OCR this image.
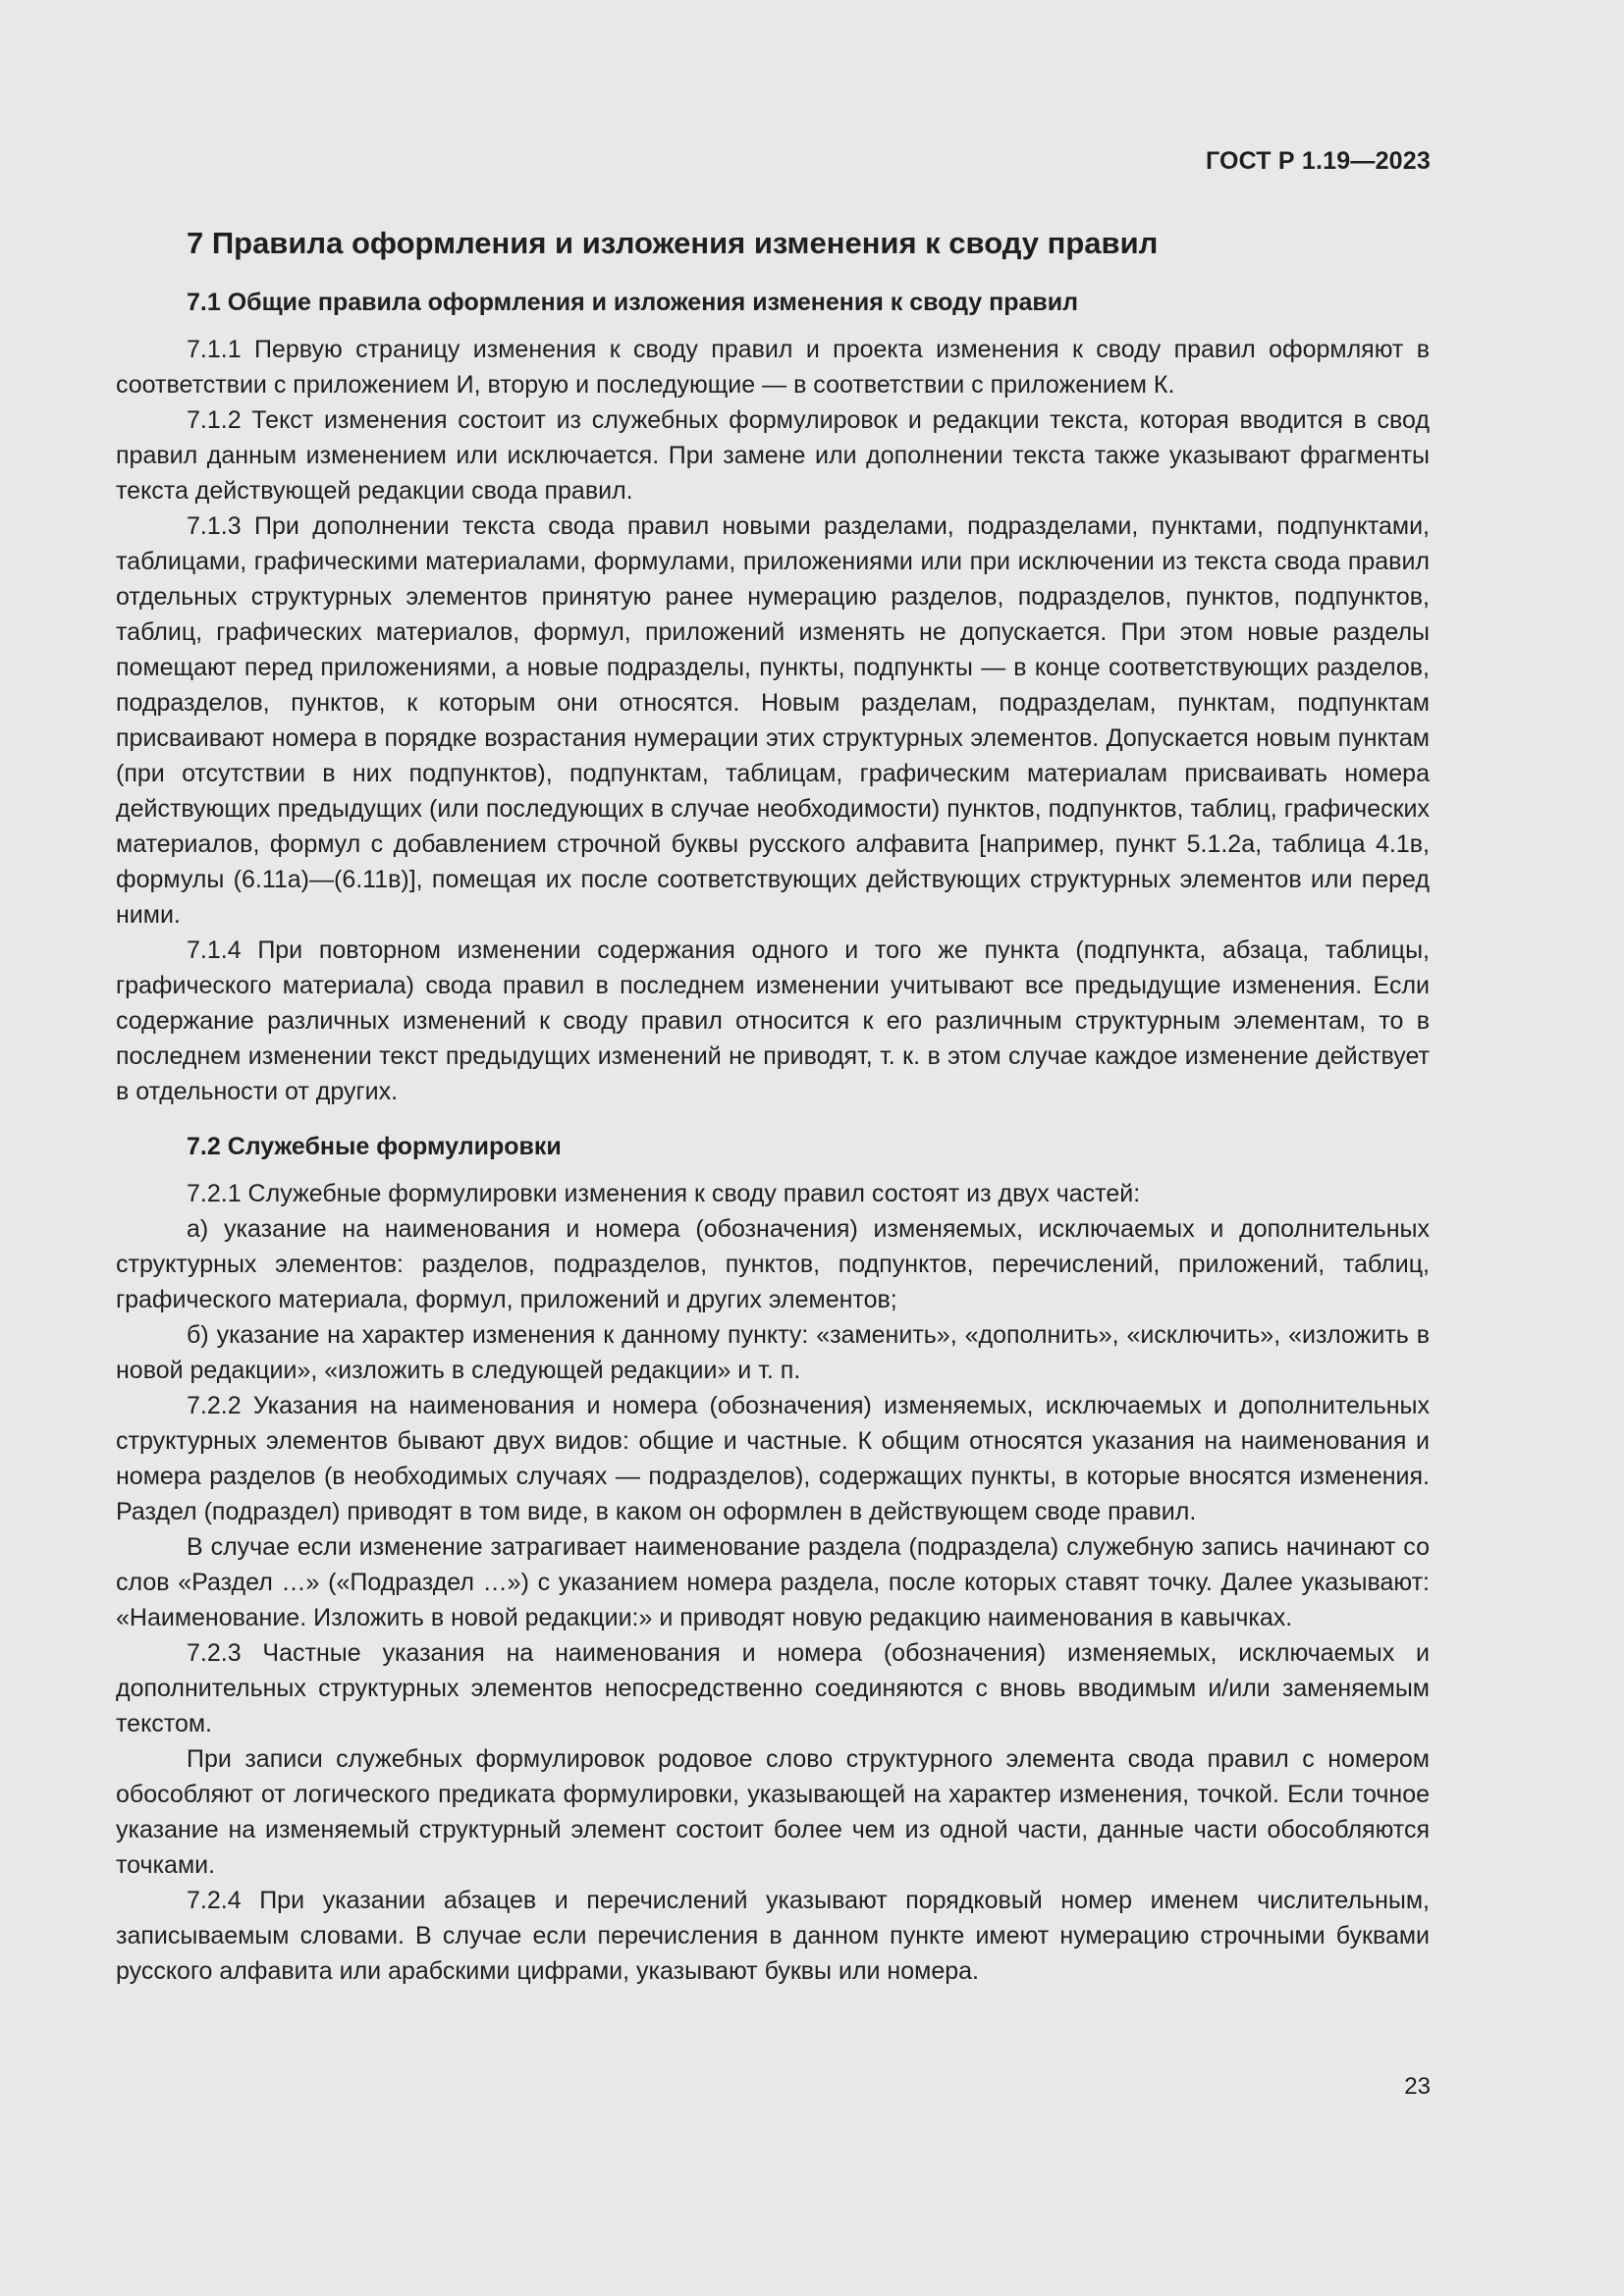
ГОСТ Р 1.19—2023
7 Правила оформления и изложения изменения к своду правил
7.1 Общие правила оформления и изложения изменения к своду правил

7.1.1 Первую страницу изменения к своду правил и проекта изменения к своду правил оформляют в соответствии с приложением И, вторую и последующие — в соответствии с приложением К.

7.1.2 Текст изменения состоит из служебных формулировок и редакции текста, которая вводится в свод правил данным изменением или исключается. При замене или дополнении текста также указывают фрагменты текста действующей редакции свода правил.

7.1.3 При дополнении текста свода правил новыми разделами, подразделами, пунктами, подпунктами, таблицами, графическими материалами, формулами, приложениями или при исключении из текста свода правил отдельных структурных элементов принятую ранее нумерацию разделов, подразделов, пунктов, подпунктов, таблиц, графических материалов, формул, приложений изменять не допускается. При этом новые разделы помещают перед приложениями, а новые подразделы, пункты, подпункты — в конце соответствующих разделов, подразделов, пунктов, к которым они относятся. Новым разделам, подразделам, пунктам, подпунктам присваивают номера в порядке возрастания нумерации этих структурных элементов. Допускается новым пунктам (при отсутствии в них подпунктов), подпунктам, таблицам, графическим материалам присваивать номера действующих предыдущих (или последующих в случае необходимости) пунктов, подпунктов, таблиц, графических материалов, формул с добавлением строчной буквы русского алфавита [например, пункт 5.1.2а, таблица 4.1в, формулы (6.11а)—(6.11в)], помещая их после соответствующих действующих структурных элементов или перед ними.

7.1.4 При повторном изменении содержания одного и того же пункта (подпункта, абзаца, таблицы, графического материала) свода правил в последнем изменении учитывают все предыдущие изменения. Если содержание различных изменений к своду правил относится к его различным структурным элементам, то в последнем изменении текст предыдущих изменений не приводят, т. к. в этом случае каждое изменение действует в отдельности от других.

7.2 Служебные формулировки

7.2.1 Служебные формулировки изменения к своду правил состоят из двух частей:

а) указание на наименования и номера (обозначения) изменяемых, исключаемых и дополнительных структурных элементов: разделов, подразделов, пунктов, подпунктов, перечислений, приложений, таблиц, графического материала, формул, приложений и других элементов;

б) указание на характер изменения к данному пункту: «заменить», «дополнить», «исключить», «изложить в новой редакции», «изложить в следующей редакции» и т. п.

7.2.2 Указания на наименования и номера (обозначения) изменяемых, исключаемых и дополнительных структурных элементов бывают двух видов: общие и частные. К общим относятся указания на наименования и номера разделов (в необходимых случаях — подразделов), содержащих пункты, в которые вносятся изменения. Раздел (подраздел) приводят в том виде, в каком он оформлен в действующем своде правил.

В случае если изменение затрагивает наименование раздела (подраздела) служебную запись начинают со слов «Раздел …» («Подраздел …») с указанием номера раздела, после которых ставят точку. Далее указывают: «Наименование. Изложить в новой редакции:» и приводят новую редакцию наименования в кавычках.

7.2.3 Частные указания на наименования и номера (обозначения) изменяемых, исключаемых и дополнительных структурных элементов непосредственно соединяются с вновь вводимым и/или заменяемым текстом.

При записи служебных формулировок родовое слово структурного элемента свода правил с номером обособляют от логического предиката формулировки, указывающей на характер изменения, точкой. Если точное указание на изменяемый структурный элемент состоит более чем из одной части, данные части обособляются точками.

7.2.4 При указании абзацев и перечислений указывают порядковый номер именем числительным, записываемым словами. В случае если перечисления в данном пункте имеют нумерацию строчными буквами русского алфавита или арабскими цифрами, указывают буквы или номера.

23
